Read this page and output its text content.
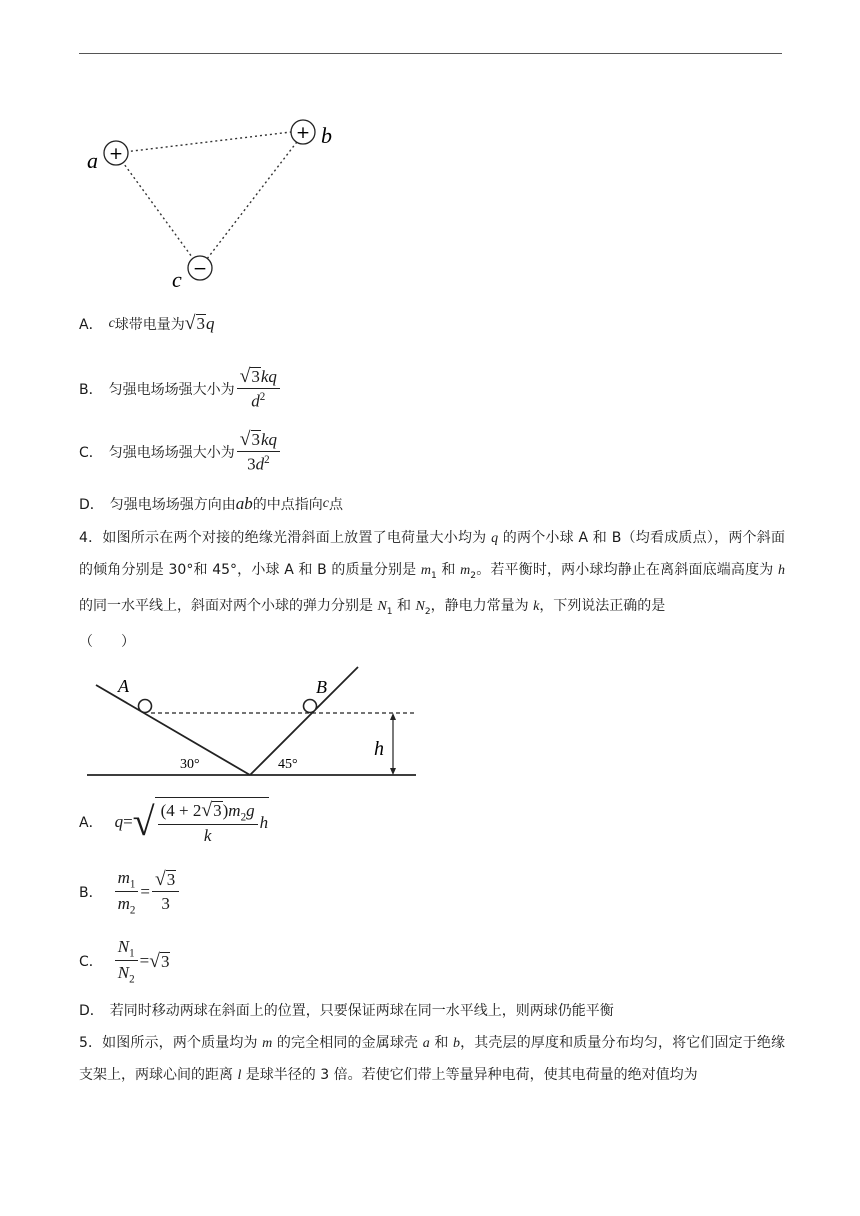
+
+
−
a
b
c
A． c 球带电量为 √ 3 q
B． 匀强电场场强大小为 $\frac{√ 3 kq}{d^2}$
C． 匀强电场场强大小为 $\frac{√ 3 kq}{3d^2}$
D． 匀强电场场强方向由 ab 的中点指向 c 点
4．如图所示在两个对接的绝缘光滑斜面上放置了电荷量大小均为 q 的两个小球 A 和 B（均看成质点），两个斜面的倾角分别是 30°和 45°，小球 A 和 B 的质量分别是 $m_1$ 和 $m_2$。若平衡时，两小球均静止在离斜面底端高度为 h 的同一水平线上，斜面对两个小球的弹力分别是 $N_1$ 和 $N_2$，静电力常量为 k，下列说法正确的是
（　　）
A	B
30°	45°
h
A． q = √ $\frac{(4 + 2 √ 3 )m_2g}{k}$ h
B． $\frac{m_1}{m_2} = \frac{√ 3}{3}$
C． $\frac{N_1}{N_2}$ = √ 3
D． 若同时移动两球在斜面上的位置，只要保证两球在同一水平线上，则两球仍能平衡
5．如图所示，两个质量均为 m 的完全相同的金属球壳 a 和 b，其壳层的厚度和质量分布均匀，将它们固定于绝缘支架上，两球心间的距离 l 是球半径的 3 倍。若使它们带上等量异种电荷，使其电荷量的绝对值均为
